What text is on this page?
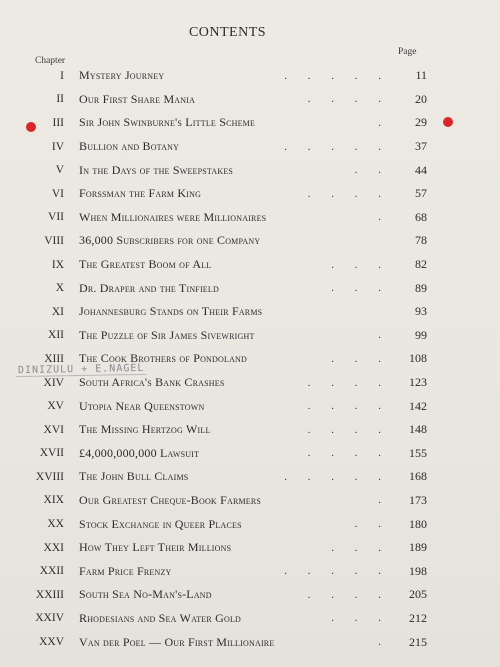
CONTENTS
Page
Chapter
I Mystery Journey	. . . . . 11
II Our First Share Mania	. . . . 20
III Sir John Swinburne's Little Scheme	. 29
IV Bullion and Botany	. . . . . 37
V In the Days of the Sweepstakes	. . 44
VI Forssman the Farm King	. . . . 57
VII When Millionaires were Millionaires	. 68
VIII 36,000 Subscribers for one Company	78
IX The Greatest Boom of All	. . . 82
X Dr. Draper and the Tinfield	. . . 89
XI Johannesburg Stands on Their Farms	93
XII The Puzzle of Sir James Sivewright	. 99
XIII The Cook Brothers of Pondoland	. . . 108
XIV South Africa's Bank Crashes	. . . . 123
XV Utopia Near Queenstown	. . . . 142
XVI The Missing Hertzog Will	. . . . 148
XVII £4,000,000,000 Lawsuit	. . . . 155
XVIII The John Bull Claims	. . . . . 168
XIX Our Greatest Cheque-Book Farmers	. 173
XX Stock Exchange in Queer Places	. . 180
XXI How They Left Their Millions	. . . 189
XXII Farm Price Frenzy	. . . . . 198
XXIII South Sea No-Man's-Land	. . . . 205
XXIV Rhodesians and Sea Water Gold	. . . 212
XXV Van der Poel — Our First Millionaire	. 215
DINIZULU + E.NAGEL
